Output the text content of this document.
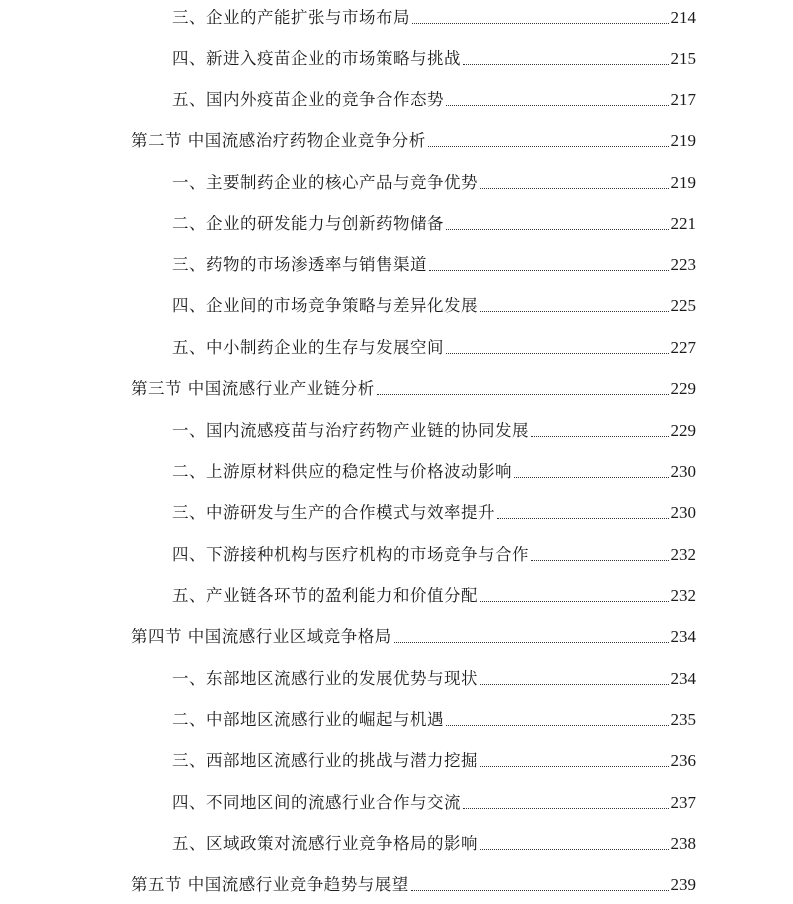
三、企业的产能扩张与市场布局	214
四、新进入疫苗企业的市场策略与挑战	215
五、国内外疫苗企业的竞争合作态势	217
第二节 中国流感治疗药物企业竞争分析	219
一、主要制药企业的核心产品与竞争优势	219
二、企业的研发能力与创新药物储备	221
三、药物的市场渗透率与销售渠道	223
四、企业间的市场竞争策略与差异化发展	225
五、中小制药企业的生存与发展空间	227
第三节 中国流感行业产业链分析	229
一、国内流感疫苗与治疗药物产业链的协同发展	229
二、上游原材料供应的稳定性与价格波动影响	230
三、中游研发与生产的合作模式与效率提升	230
四、下游接种机构与医疗机构的市场竞争与合作	232
五、产业链各环节的盈利能力和价值分配	232
第四节 中国流感行业区域竞争格局	234
一、东部地区流感行业的发展优势与现状	234
二、中部地区流感行业的崛起与机遇	235
三、西部地区流感行业的挑战与潜力挖掘	236
四、不同地区间的流感行业合作与交流	237
五、区域政策对流感行业竞争格局的影响	238
第五节 中国流感行业竞争趋势与展望	239
